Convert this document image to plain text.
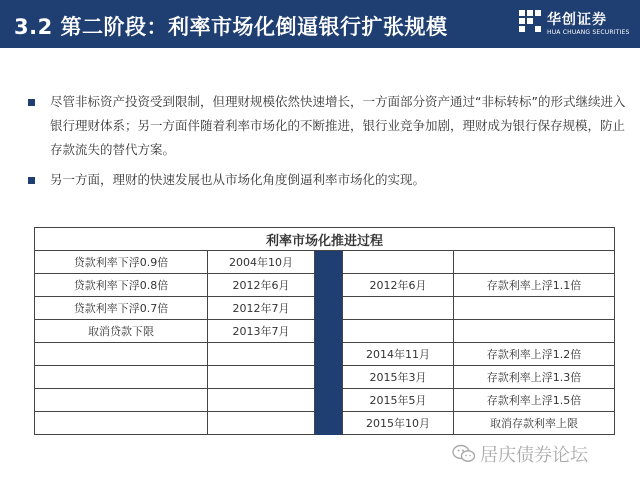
3.2 第二阶段：利率市场化倒逼银行扩张规模	华创证券
HUA CHUANG SECURITIES
尽管非标资产投资受到限制，但理财规模依然快速增长，一方面部分资产通过“非标转标”的形式继续进入银行理财体系；另一方面伴随着利率市场化的不断推进，银行业竞争加剧，理财成为银行保存规模，防止存款流失的替代方案。
另一方面，理财的快速发展也从市场化角度倒逼利率市场化的实现。
利率市场化推进过程				
贷款利率下浮0.9倍	2004年10月			
贷款利率下浮0.8倍	2012年6月		2012年6月	存款利率上浮1.1倍
贷款利率下浮0.7倍	2012年7月			
取消贷款下限	2013年7月			
			2014年11月	存款利率上浮1.2倍
			2015年3月	存款利率上浮1.3倍
			2015年5月	存款利率上浮1.5倍
			2015年10月	取消存款利率上限
居庆债券论坛
